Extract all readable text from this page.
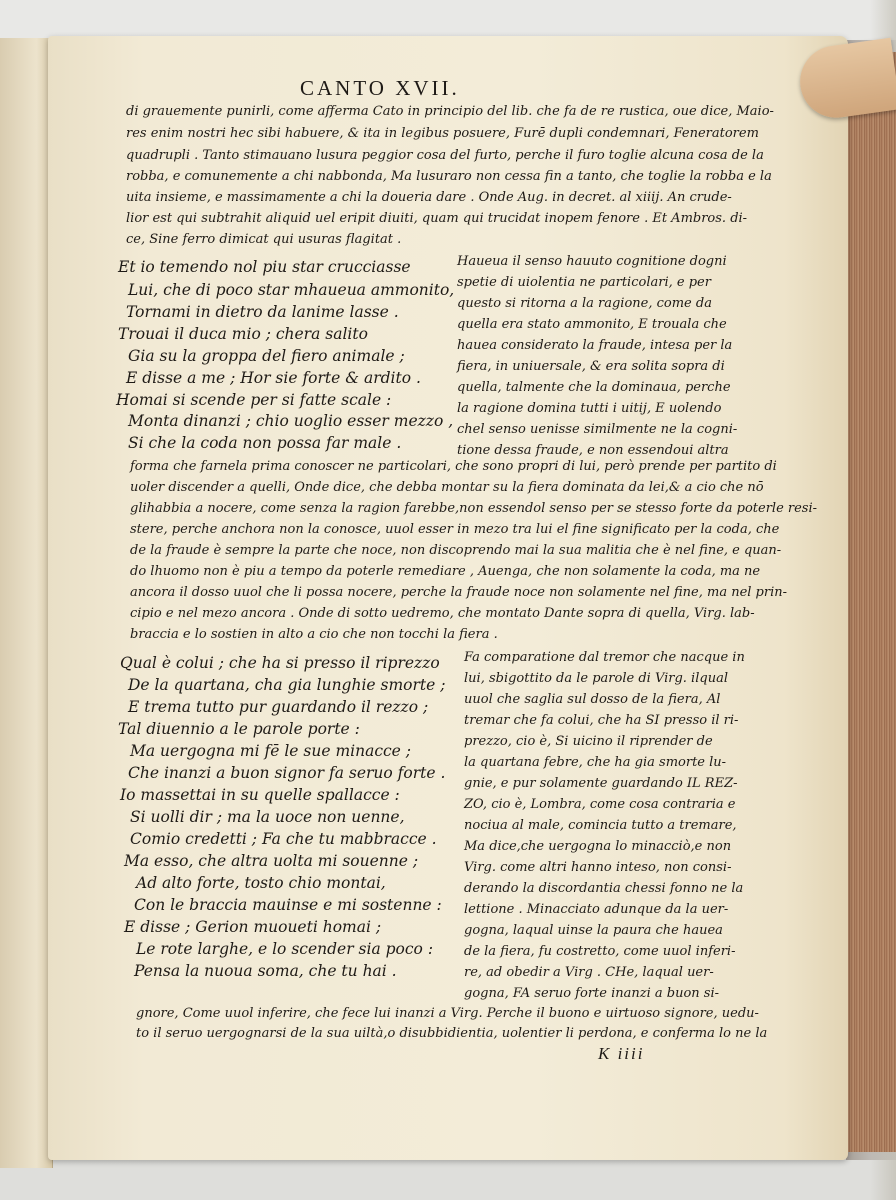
CANTO XVII.
di grauemente punirli, come afferma Cato in principio del lib. che fa de re rustica, oue dice, Maio-
res enim nostri hec sibi habuere, & ita in legibus posuere, Furē dupli condemnari, Feneratorem
quadrupli . Tanto stimauano lusura peggior cosa del furto, perche il furo toglie alcuna cosa de la
robba, e comunemente a chi nabbonda, Ma lusuraro non cessa fin a tanto, che toglie la robba e la
uita insieme, e massimamente a chi la doueria dare . Onde Aug. in decret. al xiiij. An crude-
lior est qui subtrahit aliquid uel eripit diuiti, quam qui trucidat inopem fenore . Et Ambros. di-
ce, Sine ferro dimicat qui usuras flagitat .
Et io temendo nol piu star crucciasse
Lui, che di poco star mhaueua ammonito,
Tornami in dietro da lanime lasse .
Trouai il duca mio ; chera salito
Gia su la groppa del fiero animale ;
E disse a me ; Hor sie forte & ardito .
Homai si scende per si fatte scale :
Monta dinanzi ; chio uoglio esser mezzo ,
Si che la coda non possa far male .
Haueua il senso hauuto cognitione dogni
spetie di uiolentia ne particolari, e per
questo si ritorna a la ragione, come da
quella era stato ammonito, E trouala che
hauea considerato la fraude, intesa per la
fiera, in uniuersale, & era solita sopra di
quella, talmente che la dominaua, perche
la ragione domina tutti i uitij, E uolendo
chel senso uenisse similmente ne la cogni-
tione dessa fraude, e non essendoui altra
forma che farnela prima conoscer ne particolari, che sono propri di lui, però prende per partito di
uoler discender a quelli, Onde dice, che debba montar su la fiera dominata da lei,& a cio che nō
glihabbia a nocere, come senza la ragion farebbe,non essendol senso per se stesso forte da poterle resi-
stere, perche anchora non la conosce, uuol esser in mezo tra lui el fine significato per la coda, che
de la fraude è sempre la parte che noce, non discoprendo mai la sua malitia che è nel fine, e quan-
do lhuomo non è piu a tempo da poterle remediare , Auenga, che non solamente la coda, ma ne
ancora il dosso uuol che li possa nocere, perche la fraude noce non solamente nel fine, ma nel prin-
cipio e nel mezo ancora . Onde di sotto uedremo, che montato Dante sopra di quella, Virg. lab-
braccia e lo sostien in alto a cio che non tocchi la fiera .
Qual è colui ; che ha si presso il riprezzo
De la quartana, cha gia lunghie smorte ;
E trema tutto pur guardando il rezzo ;
Tal diuennio a le parole porte :
Ma uergogna mi fē le sue minacce ;
Che inanzi a buon signor fa seruo forte .
Io massettai in su quelle spallacce :
Si uolli dir ; ma la uoce non uenne,
Comio credetti ; Fa che tu mabbracce .
Ma esso, che altra uolta mi souenne ;
Ad alto forte, tosto chio montai,
Con le braccia mauinse e mi sostenne :
E disse ; Gerion muoueti homai ;
Le rote larghe, e lo scender sia poco :
Pensa la nuoua soma, che tu hai .
Fa comparatione dal tremor che nacque in
lui, sbigottito da le parole di Virg. ilqual
uuol che saglia sul dosso de la fiera, Al
tremar che fa colui, che ha SI presso il ri-
prezzo, cio è, Si uicino il riprender de
la quartana febre, che ha gia smorte lu-
gnie, e pur solamente guardando IL REZ-
ZO, cio è, Lombra, come cosa contraria e
nociua al male, comincia tutto a tremare,
Ma dice,che uergogna lo minacciò,e non
Virg. come altri hanno inteso, non consi-
derando la discordantia chessi fonno ne la
lettione . Minacciato adunque da la uer-
gogna, laqual uinse la paura che hauea
de la fiera, fu costretto, come uuol inferi-
re, ad obedir a Virg . CHe, laqual uer-
gogna, FA seruo forte inanzi a buon si-
gnore, Come uuol inferire, che fece lui inanzi a Virg. Perche il buono e uirtuoso signore, uedu-
to il seruo uergognarsi de la sua uiltà,o disubbidientia, uolentier li perdona, e conferma lo ne la
K iiii
